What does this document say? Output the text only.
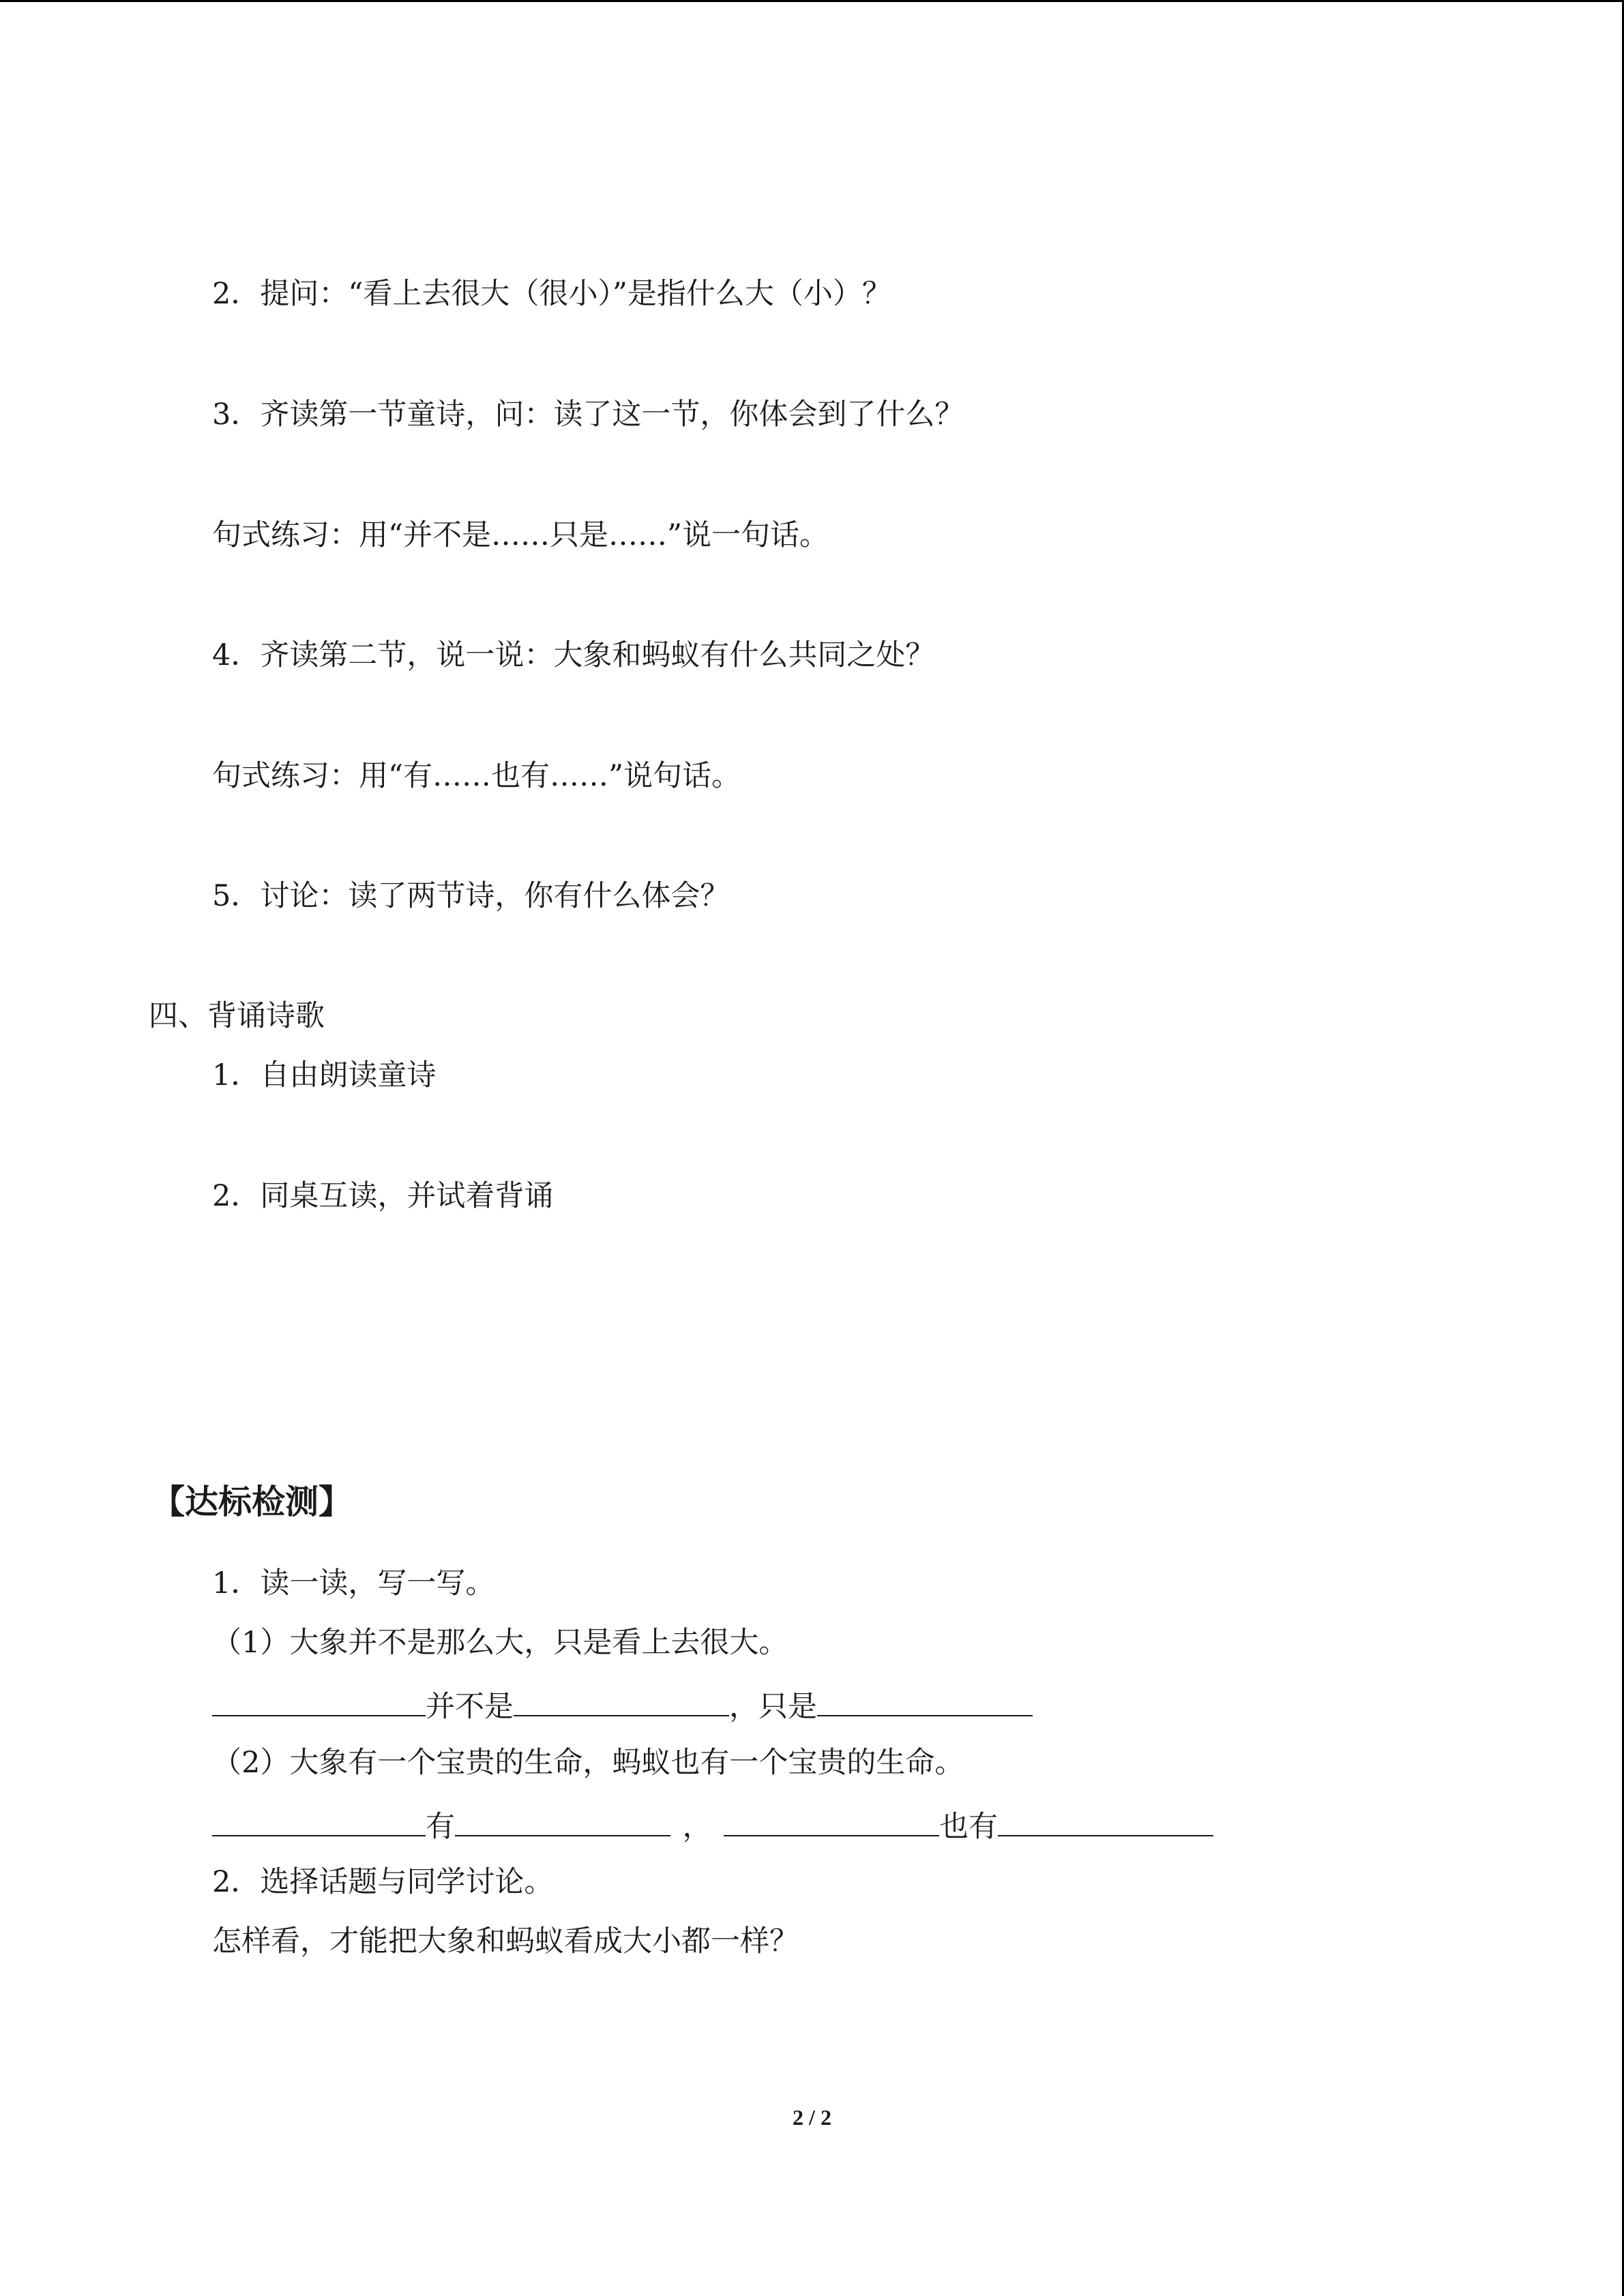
2．提问：“看上去很大（很小）”是指什么大（小）？
3．齐读第一节童诗，问：读了这一节，你体会到了什么？
句式练习：用“并不是……只是……”说一句话。
4．齐读第二节，说一说：大象和蚂蚁有什么共同之处？
句式练习：用“有……也有……”说句话。
5．讨论：读了两节诗，你有什么体会？
四、背诵诗歌
1．自由朗读童诗
2．同桌互读，并试着背诵
【达标检测】
1．读一读，写一写。
（1）大象并不是那么大，只是看上去很大。
并不是	，只是
（2）大象有一个宝贵的生命，蚂蚁也有一个宝贵的生命。
有	，	也有
2．选择话题与同学讨论。
怎样看，才能把大象和蚂蚁看成大小都一样？
2 / 2
